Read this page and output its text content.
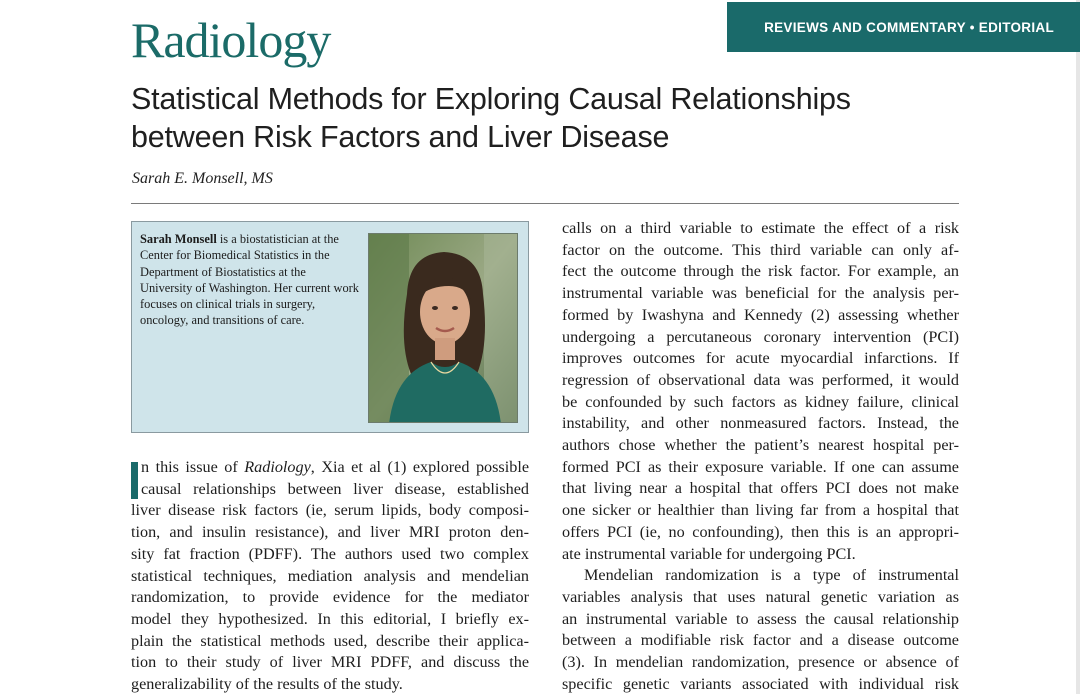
Radiology	REVIEWS AND COMMENTARY • EDITORIAL
Statistical Methods for Exploring Causal Relationships
between Risk Factors and Liver Disease
Sarah E. Monsell, MS

Sarah Monsell is a biostatistician at the Center for Biomedical Statistics in the Department of Biostatistics at the University of Washington. Her current work focuses on clinical trials in surgery, oncology, and transitions of care.

n this issue of Radiology, Xia et al (1) explored possible
causal relationships between liver disease, established
liver disease risk factors (ie, serum lipids, body composi-
tion, and insulin resistance), and liver MRI proton den-
sity fat fraction (PDFF). The authors used two complex
statistical techniques, mediation analysis and mendelian
randomization, to provide evidence for the mediator
model they hypothesized. In this editorial, I briefly ex-
plain the statistical methods used, describe their applica-
tion to their study of liver MRI PDFF, and discuss the
generalizability of the results of the study.
calls on a third variable to estimate the effect of a risk
factor on the outcome. This third variable can only af-
fect the outcome through the risk factor. For example, an
instrumental variable was beneficial for the analysis per-
formed by Iwashyna and Kennedy (2) assessing whether
undergoing a percutaneous coronary intervention (PCI)
improves outcomes for acute myocardial infarctions. If
regression of observational data was performed, it would
be confounded by such factors as kidney failure, clinical
instability, and other nonmeasured factors. Instead, the
authors chose whether the patient’s nearest hospital per-
formed PCI as their exposure variable. If one can assume
that living near a hospital that offers PCI does not make
one sicker or healthier than living far from a hospital that
offers PCI (ie, no confounding), then this is an appropri-
ate instrumental variable for undergoing PCI.
Mendelian randomization is a type of instrumental
variables analysis that uses natural genetic variation as
an instrumental variable to assess the causal relationship
between a modifiable risk factor and a disease outcome
(3). In mendelian randomization, presence or absence of
specific genetic variants associated with individual risk
